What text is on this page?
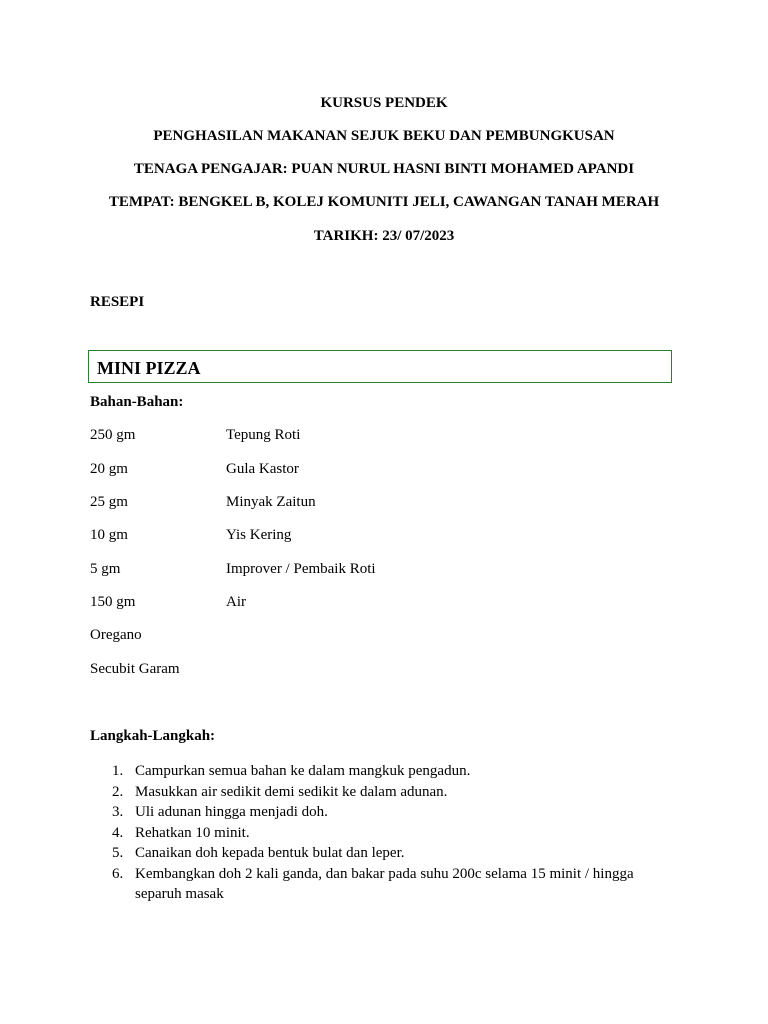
KURSUS PENDEK
PENGHASILAN MAKANAN SEJUK BEKU DAN PEMBUNGKUSAN
TENAGA PENGAJAR: PUAN NURUL HASNI BINTI MOHAMED APANDI
TEMPAT: BENGKEL B, KOLEJ KOMUNITI JELI, CAWANGAN TANAH MERAH
TARIKH: 23/ 07/2023
RESEPI
MINI PIZZA
Bahan-Bahan:
250 gm	Tepung Roti
20 gm	Gula Kastor
25 gm	Minyak Zaitun
10 gm	Yis Kering
5 gm	Improver / Pembaik Roti
150 gm	Air
Oregano
Secubit Garam
Langkah-Langkah:
1. Campurkan semua bahan ke dalam mangkuk pengadun.
2. Masukkan air sedikit demi sedikit ke dalam adunan.
3. Uli adunan hingga menjadi doh.
4. Rehatkan 10 minit.
5. Canaikan doh kepada bentuk bulat dan leper.
6. Kembangkan doh 2 kali ganda, dan bakar pada suhu 200c selama 15 minit / hingga separuh masak
